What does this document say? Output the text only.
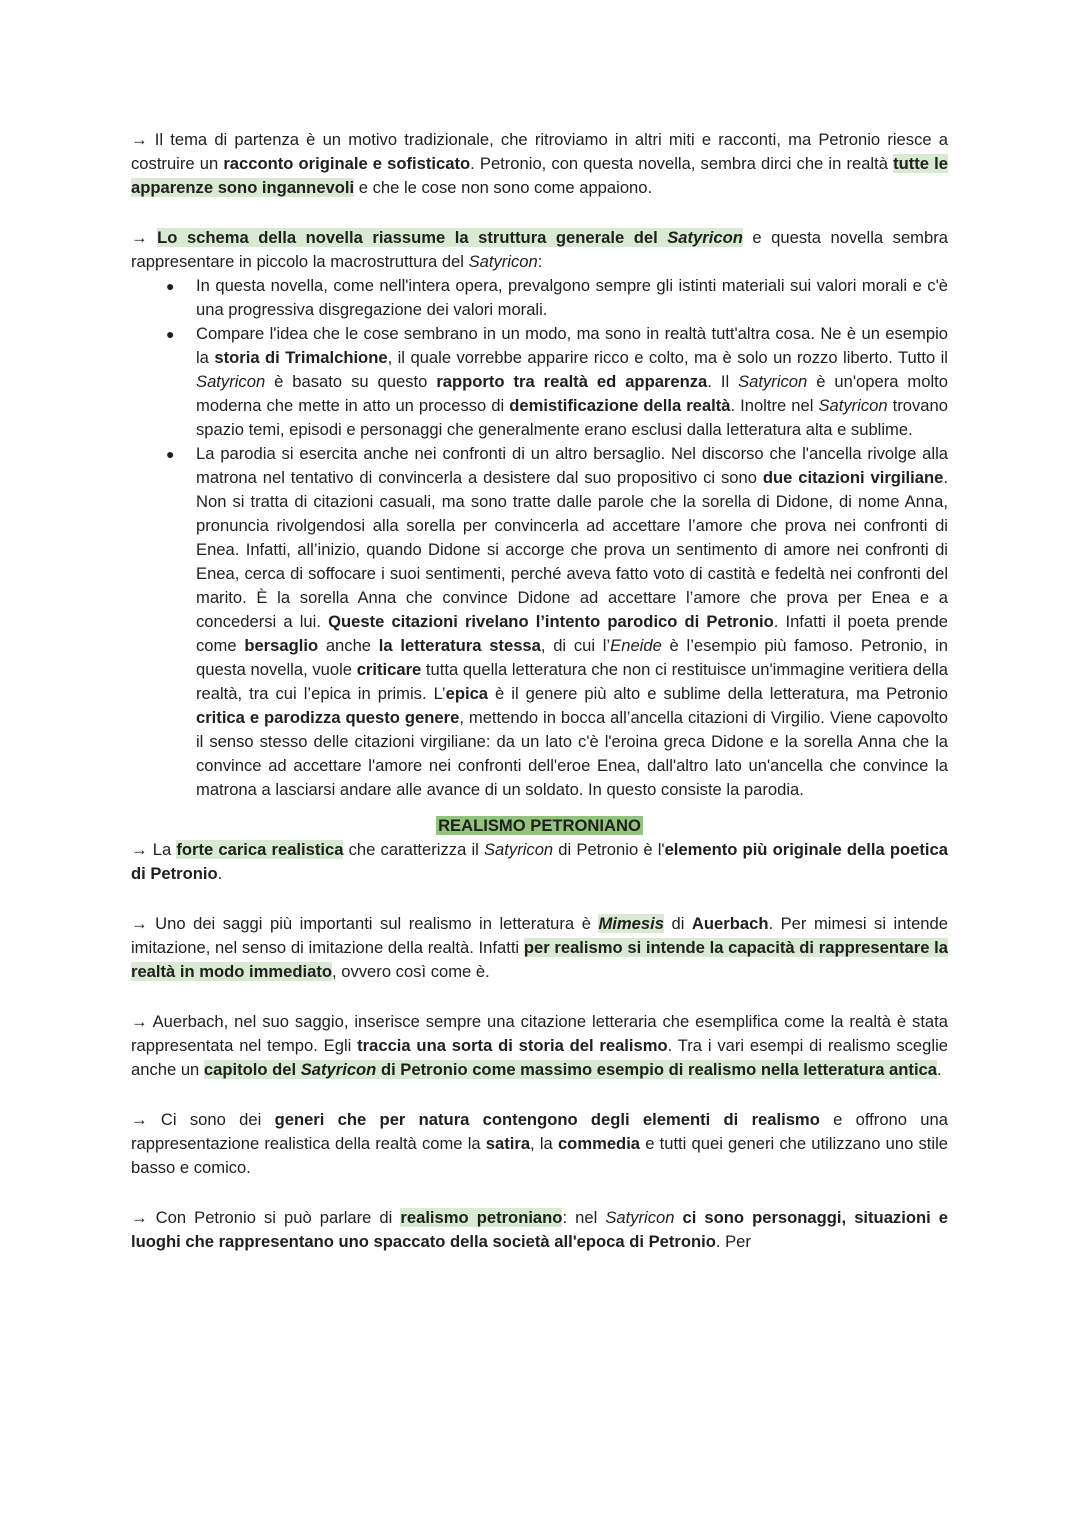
→ Il tema di partenza è un motivo tradizionale, che ritroviamo in altri miti e racconti, ma Petronio riesce a costruire un racconto originale e sofisticato. Petronio, con questa novella, sembra dirci che in realtà tutte le apparenze sono ingannevoli e che le cose non sono come appaiono.

→ Lo schema della novella riassume la struttura generale del Satyricon e questa novella sembra rappresentare in piccolo la macrostruttura del Satyricon:

● In questa novella, come nell'intera opera, prevalgono sempre gli istinti materiali sui valori morali e c'è una progressiva disgregazione dei valori morali.
● Compare l'idea che le cose sembrano in un modo, ma sono in realtà tutt'altra cosa. Ne è un esempio la storia di Trimalchione, il quale vorrebbe apparire ricco e colto, ma è solo un rozzo liberto. Tutto il Satyricon è basato su questo rapporto tra realtà ed apparenza. Il Satyricon è un'opera molto moderna che mette in atto un processo di demistificazione della realtà. Inoltre nel Satyricon trovano spazio temi, episodi e personaggi che generalmente erano esclusi dalla letteratura alta e sublime.
● La parodia si esercita anche nei confronti di un altro bersaglio. Nel discorso che l'ancella rivolge alla matrona nel tentativo di convincerla a desistere dal suo propositivo ci sono due citazioni virgiliane. Non si tratta di citazioni casuali, ma sono tratte dalle parole che la sorella di Didone, di nome Anna, pronuncia rivolgendosi alla sorella per convincerla ad accettare l’amore che prova nei confronti di Enea. Infatti, all’inizio, quando Didone si accorge che prova un sentimento di amore nei confronti di Enea, cerca di soffocare i suoi sentimenti, perché aveva fatto voto di castità e fedeltà nei confronti del marito. È la sorella Anna che convince Didone ad accettare l’amore che prova per Enea e a concedersi a lui. Queste citazioni rivelano l’intento parodico di Petronio. Infatti il poeta prende come bersaglio anche la letteratura stessa, di cui l’Eneide è l’esempio più famoso. Petronio, in questa novella, vuole criticare tutta quella letteratura che non ci restituisce un'immagine veritiera della realtà, tra cui l’epica in primis. L’epica è il genere più alto e sublime della letteratura, ma Petronio critica e parodizza questo genere, mettendo in bocca all’ancella citazioni di Virgilio. Viene capovolto il senso stesso delle citazioni virgiliane: da un lato c'è l'eroina greca Didone e la sorella Anna che la convince ad accettare l'amore nei confronti dell'eroe Enea, dall'altro lato un'ancella che convince la matrona a lasciarsi andare alle avance di un soldato. In questo consiste la parodia.

REALISMO PETRONIANO

→ La forte carica realistica che caratterizza il Satyricon di Petronio è l'elemento più originale della poetica di Petronio.

→ Uno dei saggi più importanti sul realismo in letteratura è Mimesis di Auerbach. Per mimesi si intende imitazione, nel senso di imitazione della realtà. Infatti per realismo si intende la capacità di rappresentare la realtà in modo immediato, ovvero così come è.

→ Auerbach, nel suo saggio, inserisce sempre una citazione letteraria che esemplifica come la realtà è stata rappresentata nel tempo. Egli traccia una sorta di storia del realismo. Tra i vari esempi di realismo sceglie anche un capitolo del Satyricon di Petronio come massimo esempio di realismo nella letteratura antica.

→ Ci sono dei generi che per natura contengono degli elementi di realismo e offrono una rappresentazione realistica della realtà come la satira, la commedia e tutti quei generi che utilizzano uno stile basso e comico.

→ Con Petronio si può parlare di realismo petroniano: nel Satyricon ci sono personaggi, situazioni e luoghi che rappresentano uno spaccato della società all'epoca di Petronio. Per
